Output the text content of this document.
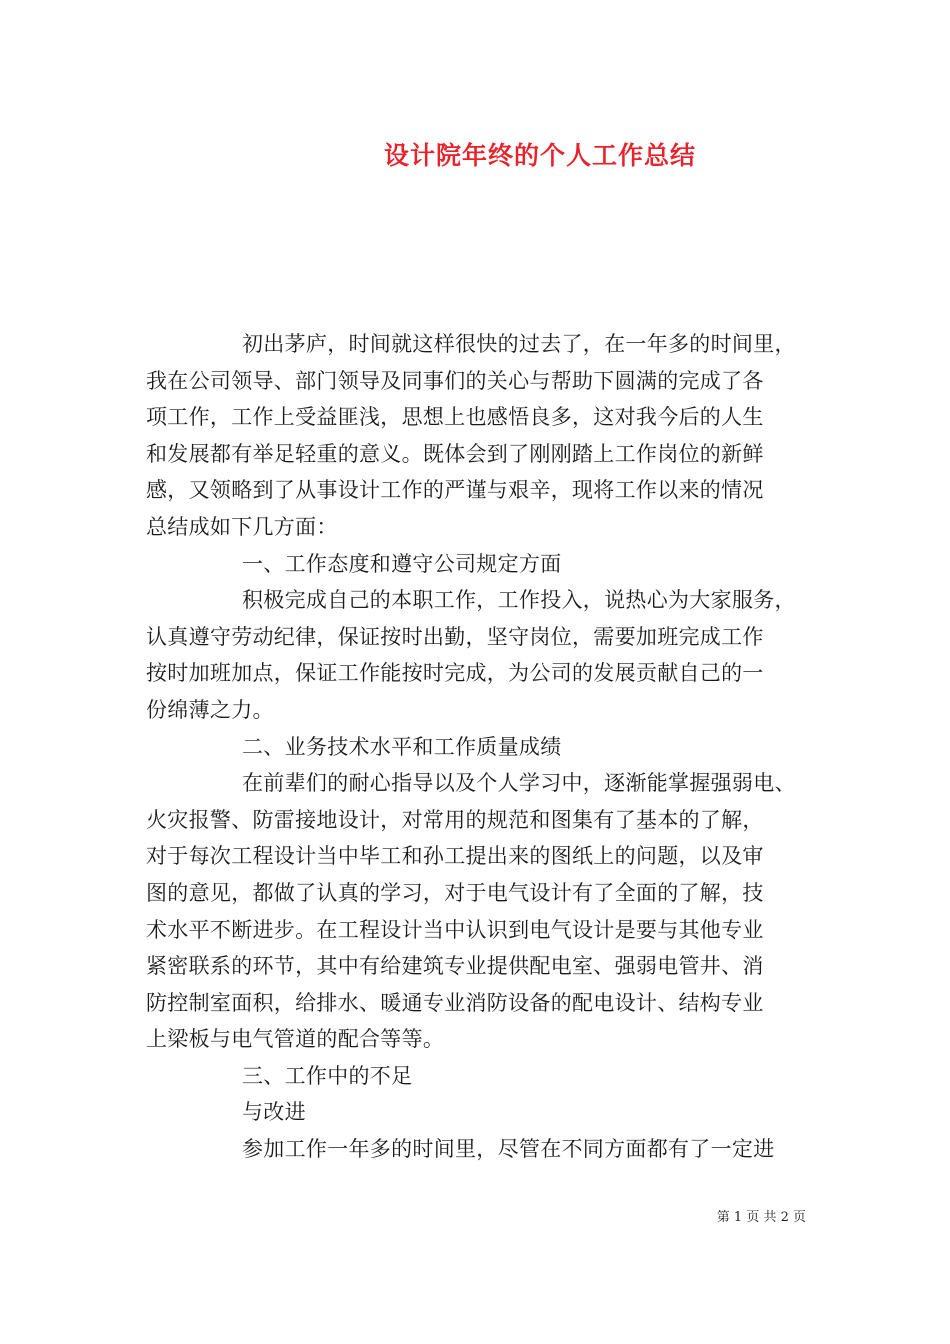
设计院年终的个人工作总结
初出茅庐，时间就这样很快的过去了，在一年多的时间里，
我在公司领导、部门领导及同事们的关心与帮助下圆满的完成了各
项工作，工作上受益匪浅，思想上也感悟良多，这对我今后的人生
和发展都有举足轻重的意义。既体会到了刚刚踏上工作岗位的新鲜
感，又领略到了从事设计工作的严谨与艰辛，现将工作以来的情况
总结成如下几方面：
一、工作态度和遵守公司规定方面
积极完成自己的本职工作，工作投入，说热心为大家服务，
认真遵守劳动纪律，保证按时出勤，坚守岗位，需要加班完成工作
按时加班加点，保证工作能按时完成，为公司的发展贡献自己的一
份绵薄之力。
二、业务技术水平和工作质量成绩
在前辈们的耐心指导以及个人学习中，逐渐能掌握强弱电、
火灾报警、防雷接地设计，对常用的规范和图集有了基本的了解，
对于每次工程设计当中毕工和孙工提出来的图纸上的问题，以及审
图的意见，都做了认真的学习，对于电气设计有了全面的了解，技
术水平不断进步。在工程设计当中认识到电气设计是要与其他专业
紧密联系的环节，其中有给建筑专业提供配电室、强弱电管井、消
防控制室面积，给排水、暖通专业消防设备的配电设计、结构专业
上梁板与电气管道的配合等等。
三、工作中的不足
与改进
参加工作一年多的时间里，尽管在不同方面都有了一定进
第 1 页 共 2 页
